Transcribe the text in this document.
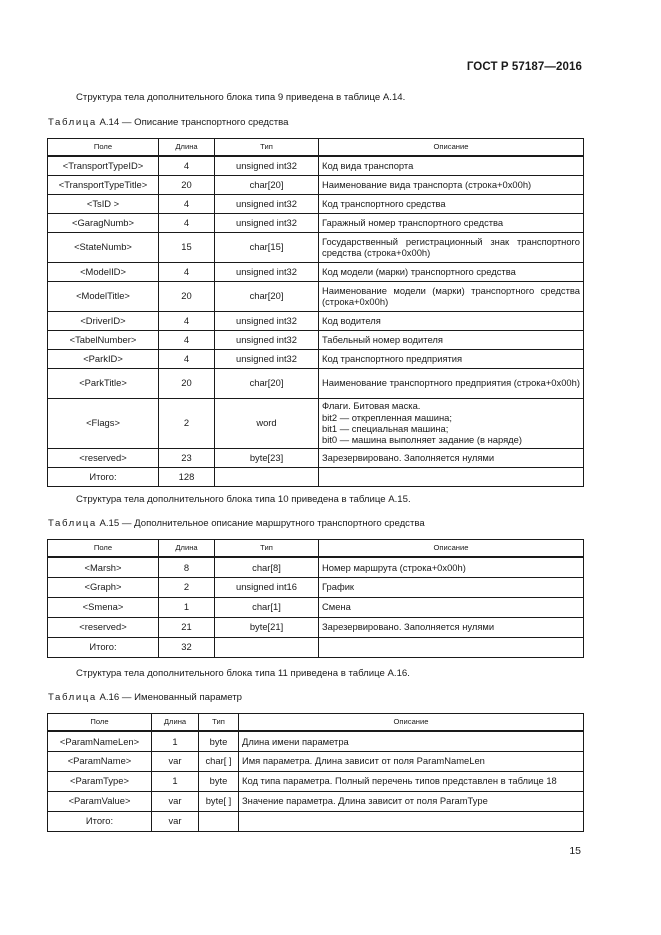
ГОСТ Р 57187—2016
Структура тела дополнительного блока типа 9 приведена в таблице А.14.
Таблица А.14 — Описание транспортного средства
Поле	Длина	Тип	Описание
<TransportTypeID>	4	unsigned int32	Код вида транспорта
<TransportTypeTitle>	20	char[20]	Наименование вида транспорта (строка+0x00h)
<TsID >	4	unsigned int32	Код транспортного средства
<GaragNumb>	4	unsigned int32	Гаражный номер транспортного средства
<StateNumb>	15	char[15]	Государственный регистрационный знак транспортного средства (строка+0x00h)
<ModelID>	4	unsigned int32	Код модели (марки) транспортного средства
<ModelTitle>	20	char[20]	Наименование модели (марки) транспортного средства (строка+0x00h)
<DriverID>	4	unsigned int32	Код водителя
<TabelNumber>	4	unsigned int32	Табельный номер водителя
<ParkID>	4	unsigned int32	Код транспортного предприятия
<ParkTitle>	20	char[20]	Наименование транспортного предприятия (строка+0x00h)
<Flags>	2	word	Флаги. Битовая маска.
bit2 — открепленная машина;
bit1 — специальная машина;
bit0 — машина выполняет задание (в наряде)

<reserved>	23	byte[23]	Зарезервировано. Заполняется нулями
Итого:	128		
Структура тела дополнительного блока типа 10 приведена в таблице А.15.
Таблица А.15 — Дополнительное описание маршрутного транспортного средства
Поле	Длина	Тип	Описание
<Marsh>	8	char[8]	Номер маршрута (строка+0x00h)
<Graph>	2	unsigned int16	График
<Smena>	1	char[1]	Смена
<reserved>	21	byte[21]	Зарезервировано. Заполняется нулями
Итого:	32		
Структура тела дополнительного блока типа 11 приведена в таблице А.16.
Таблица А.16 — Именованный параметр
Поле	Длина	Тип	Описание
<ParamNameLen>	1	byte	Длина имени параметра
<ParamName>	var	char[ ]	Имя параметра. Длина зависит от поля ParamNameLen
<ParamType>	1	byte	Код типа параметра. Полный перечень типов представлен в таблице 18
<ParamValue>	var	byte[ ]	Значение параметра. Длина зависит от поля ParamType
Итого:	var		
15
